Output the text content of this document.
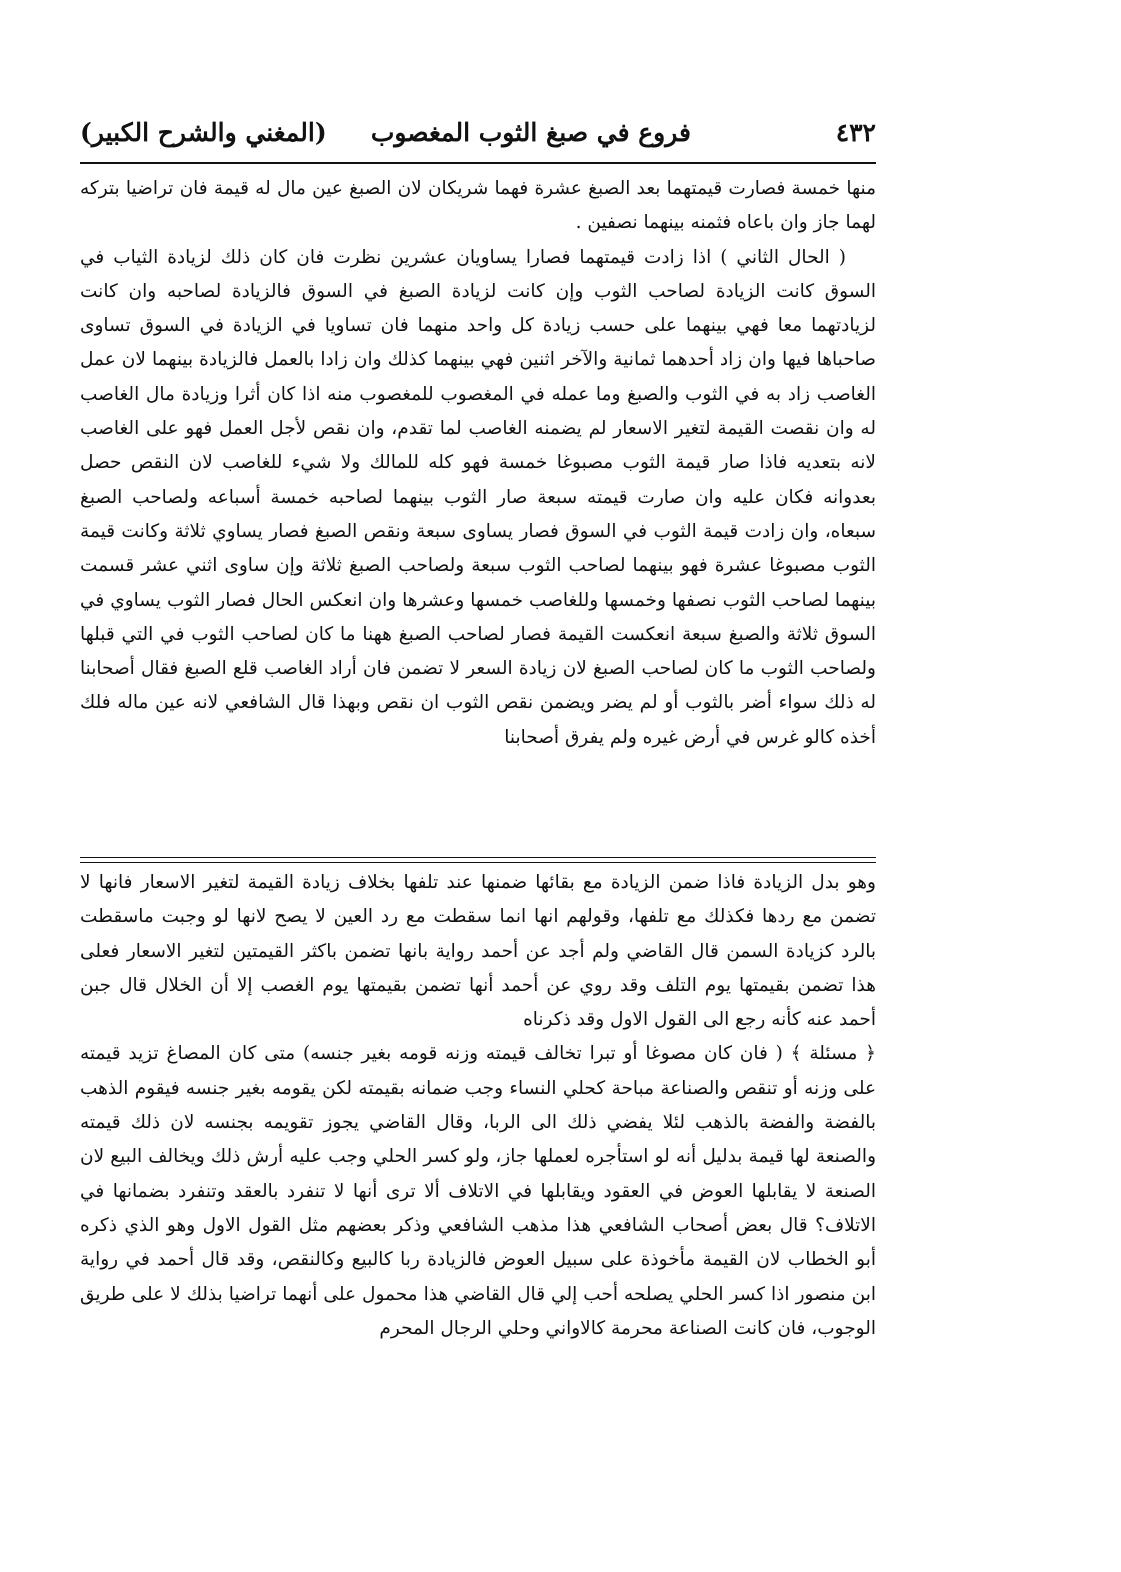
٤٣٢
فروع في صبغ الثوب المغصوب
(المغني والشرح الكبير)

منها خمسة فصارت قيمتهما بعد الصبغ عشرة فهما شريكان لان الصبغ عين مال له قيمة فان تراضيا بتركه لهما جاز وان باعاه فثمنه بينهما نصفين .

( الحال الثاني ) اذا زادت قيمتهما فصارا يساويان عشرين نظرت فان كان ذلك لزيادة الثياب في السوق كانت الزيادة لصاحب الثوب وإن كانت لزيادة الصبغ في السوق فالزيادة لصاحبه وان كانت لزيادتهما معا فهي بينهما على حسب زيادة كل واحد منهما فان تساويا في الزيادة في السوق تساوى صاحباها فيها وان زاد أحدهما ثمانية والآخر اثنين فهي بينهما كذلك وان زادا بالعمل فالزيادة بينهما لان عمل الغاصب زاد به في الثوب والصبغ وما عمله في المغصوب للمغصوب منه اذا كان أثرا وزيادة مال الغاصب له وان نقصت القيمة لتغير الاسعار لم يضمنه الغاصب لما تقدم، وان نقص لأجل العمل فهو على الغاصب لانه بتعديه فاذا صار قيمة الثوب مصبوغا خمسة فهو كله للمالك ولا شيء للغاصب لان النقص حصل بعدوانه فكان عليه وان صارت قيمته سبعة صار الثوب بينهما لصاحبه خمسة أسباعه ولصاحب الصبغ سبعاه، وان زادت قيمة الثوب في السوق فصار يساوى سبعة ونقص الصبغ فصار يساوي ثلاثة وكانت قيمة الثوب مصبوغا عشرة فهو بينهما لصاحب الثوب سبعة ولصاحب الصبغ ثلاثة وإن ساوى اثني عشر قسمت بينهما لصاحب الثوب نصفها وخمسها وللغاصب خمسها وعشرها وان انعكس الحال فصار الثوب يساوي في السوق ثلاثة والصبغ سبعة انعكست القيمة فصار لصاحب الصبغ ههنا ما كان لصاحب الثوب في التي قبلها ولصاحب الثوب ما كان لصاحب الصبغ لان زيادة السعر لا تضمن فان أراد الغاصب قلع الصبغ فقال أصحابنا له ذلك سواء أضر بالثوب أو لم يضر ويضمن نقص الثوب ان نقص وبهذا قال الشافعي لانه عين ماله فلك أخذه كالو غرس في أرض غيره ولم يفرق أصحابنا

وهو بدل الزيادة فاذا ضمن الزيادة مع بقائها ضمنها عند تلفها بخلاف زيادة القيمة لتغير الاسعار فانها لا تضمن مع ردها فكذلك مع تلفها، وقولهم انها انما سقطت مع رد العين لا يصح لانها لو وجبت ماسقطت بالرد كزيادة السمن قال القاضي ولم أجد عن أحمد رواية بانها تضمن باكثر القيمتين لتغير الاسعار فعلى هذا تضمن بقيمتها يوم التلف وقد روي عن أحمد أنها تضمن بقيمتها يوم الغصب إلا أن الخلال قال جبن أحمد عنه كأنه رجع الى القول الاول وقد ذكرناه

﴿ مسئلة ﴾ ( فان كان مصوغا أو تبرا تخالف قيمته وزنه قومه بغير جنسه) متى كان المصاغ تزيد قيمته على وزنه أو تنقص والصناعة مباحة كحلي النساء وجب ضمانه بقيمته لكن يقومه بغير جنسه فيقوم الذهب بالفضة والفضة بالذهب لئلا يفضي ذلك الى الربا، وقال القاضي يجوز تقويمه بجنسه لان ذلك قيمته والصنعة لها قيمة بدليل أنه لو استأجره لعملها جاز، ولو كسر الحلي وجب عليه أرش ذلك ويخالف البيع لان الصنعة لا يقابلها العوض في العقود ويقابلها في الاتلاف ألا ترى أنها لا تنفرد بالعقد وتنفرد بضمانها في الاتلاف؟ قال بعض أصحاب الشافعي هذا مذهب الشافعي وذكر بعضهم مثل القول الاول وهو الذي ذكره أبو الخطاب لان القيمة مأخوذة على سبيل العوض فالزيادة ربا كالبيع وكالنقص، وقد قال أحمد في رواية ابن منصور اذا كسر الحلي يصلحه أحب إلي قال القاضي هذا محمول على أنهما تراضيا بذلك لا على طريق الوجوب، فان كانت الصناعة محرمة كالاواني وحلي الرجال المحرم
